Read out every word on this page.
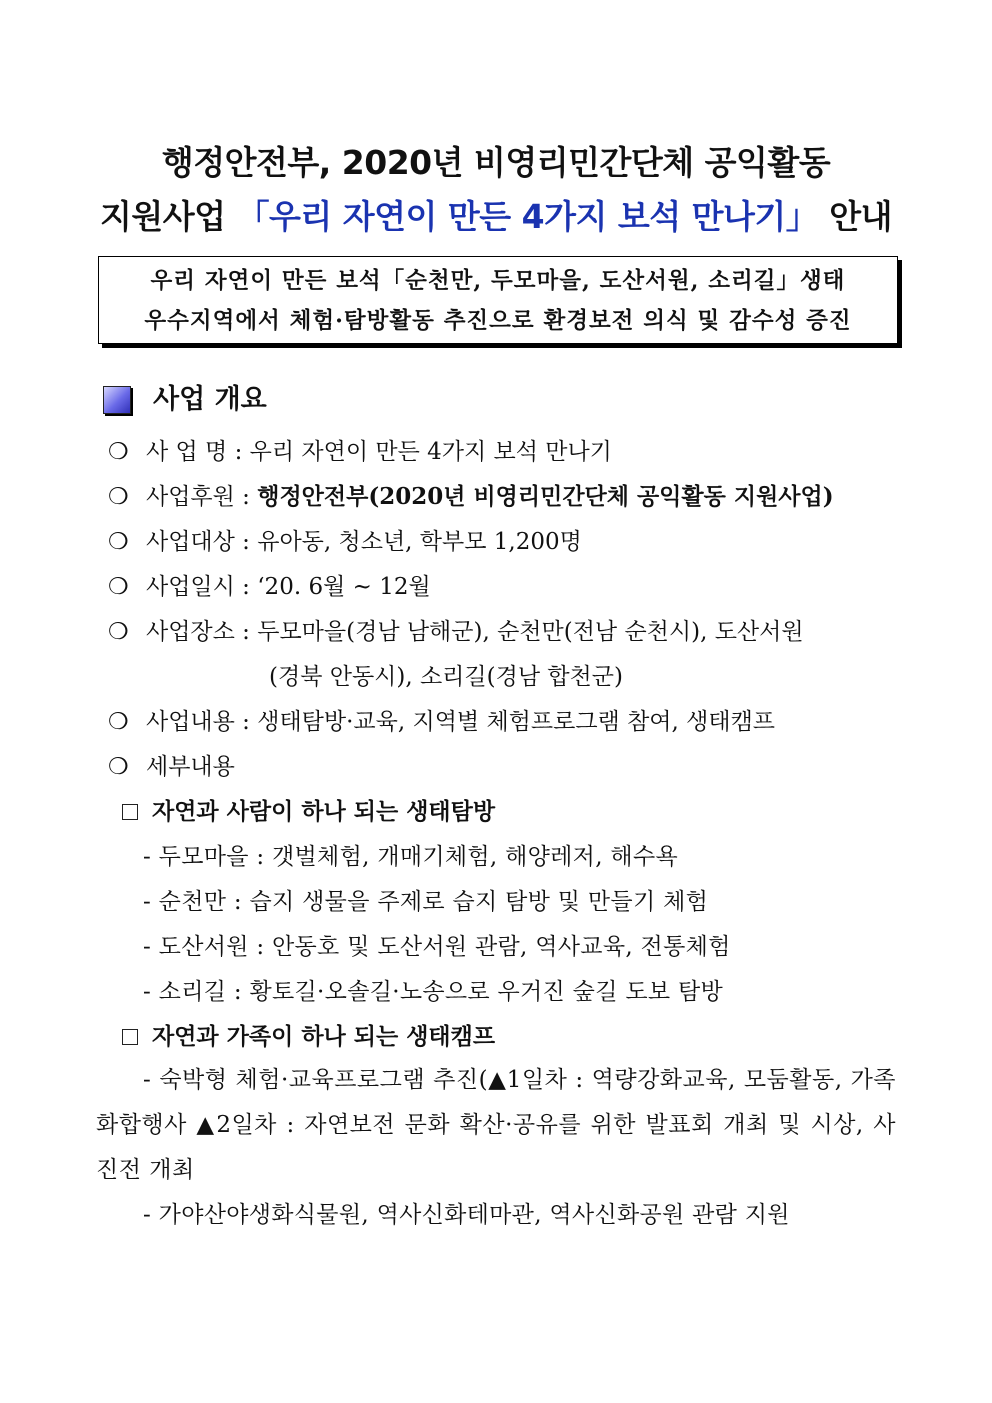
행정안전부, 2020년 비영리민간단체 공익활동
지원사업 「우리 자연이 만든 4가지 보석 만나기」 안내
우리 자연이 만든 보석「순천만, 두모마을, 도산서원, 소리길」생태
우수지역에서 체험·탐방활동 추진으로 환경보전 의식 및 감수성 증진
사업 개요
❍ 사 업 명 : 우리 자연이 만든 4가지 보석 만나기
❍ 사업후원 : 행정안전부(2020년 비영리민간단체 공익활동 지원사업)
❍ 사업대상 : 유아동, 청소년, 학부모 1,200명
❍ 사업일시 : ‘20. 6월 ~ 12월
❍ 사업장소 : 두모마을(경남 남해군), 순천만(전남 순천시), 도산서원
(경북 안동시), 소리길(경남 합천군)
❍ 사업내용 : 생태탐방·교육, 지역별 체험프로그램 참여, 생태캠프
❍ 세부내용
자연과 사람이 하나 되는 생태탐방
- 두모마을 : 갯벌체험, 개매기체험, 해양레저, 해수욕
- 순천만 : 습지 생물을 주제로 습지 탐방 및 만들기 체험
- 도산서원 : 안동호 및 도산서원 관람, 역사교육, 전통체험
- 소리길 : 황토길·오솔길·노송으로 우거진 숲길 도보 탐방
자연과 가족이 하나 되는 생태캠프
- 숙박형 체험·교육프로그램 추진(▲1일차 : 역량강화교육, 모둠활동, 가족화합행사 ▲2일차 : 자연보전 문화 확산·공유를 위한 발표회 개최 및 시상, 사진전 개최
- 가야산야생화식물원, 역사신화테마관, 역사신화공원 관람 지원
